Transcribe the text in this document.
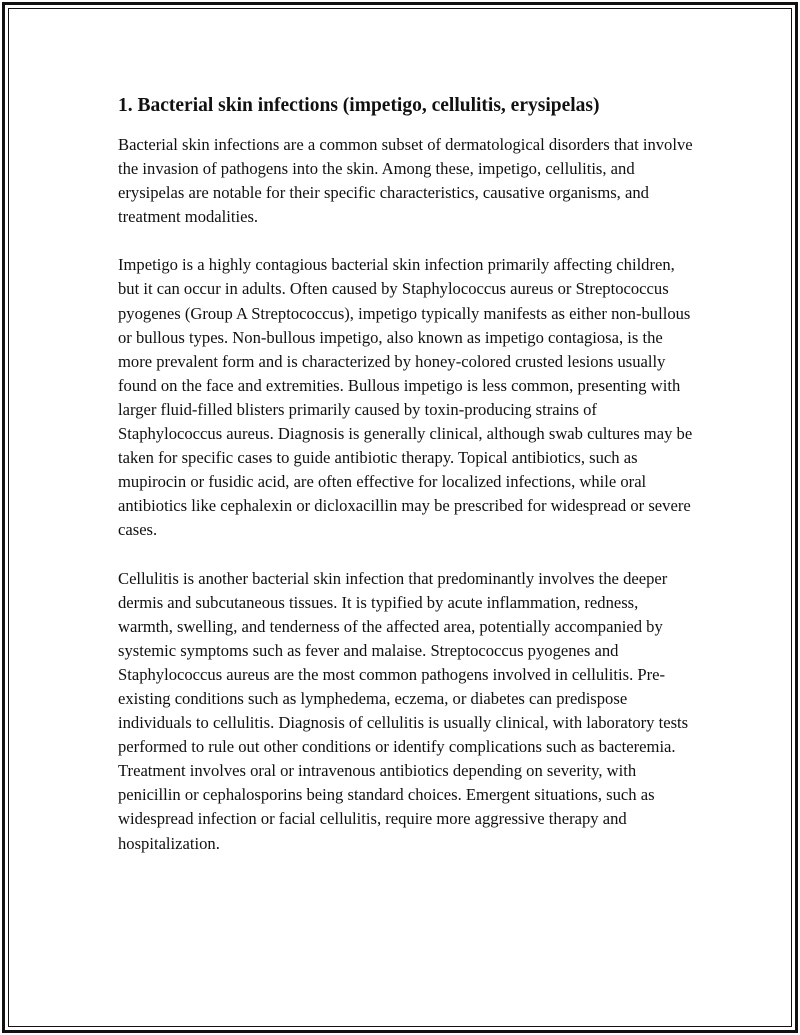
1. Bacterial skin infections (impetigo, cellulitis, erysipelas)

Bacterial skin infections are a common subset of dermatological disorders that involve the invasion of pathogens into the skin. Among these, impetigo, cellulitis, and erysipelas are notable for their specific characteristics, causative organisms, and treatment modalities.

Impetigo is a highly contagious bacterial skin infection primarily affecting children, but it can occur in adults. Often caused by Staphylococcus aureus or Streptococcus pyogenes (Group A Streptococcus), impetigo typically manifests as either non-bullous or bullous types. Non-bullous impetigo, also known as impetigo contagiosa, is the more prevalent form and is characterized by honey-colored crusted lesions usually found on the face and extremities. Bullous impetigo is less common, presenting with larger fluid-filled blisters primarily caused by toxin-producing strains of Staphylococcus aureus. Diagnosis is generally clinical, although swab cultures may be taken for specific cases to guide antibiotic therapy. Topical antibiotics, such as mupirocin or fusidic acid, are often effective for localized infections, while oral antibiotics like cephalexin or dicloxacillin may be prescribed for widespread or severe cases.

Cellulitis is another bacterial skin infection that predominantly involves the deeper dermis and subcutaneous tissues. It is typified by acute inflammation, redness, warmth, swelling, and tenderness of the affected area, potentially accompanied by systemic symptoms such as fever and malaise. Streptococcus pyogenes and Staphylococcus aureus are the most common pathogens involved in cellulitis. Pre-existing conditions such as lymphedema, eczema, or diabetes can predispose individuals to cellulitis. Diagnosis of cellulitis is usually clinical, with laboratory tests performed to rule out other conditions or identify complications such as bacteremia. Treatment involves oral or intravenous antibiotics depending on severity, with penicillin or cephalosporins being standard choices. Emergent situations, such as widespread infection or facial cellulitis, require more aggressive therapy and hospitalization.
